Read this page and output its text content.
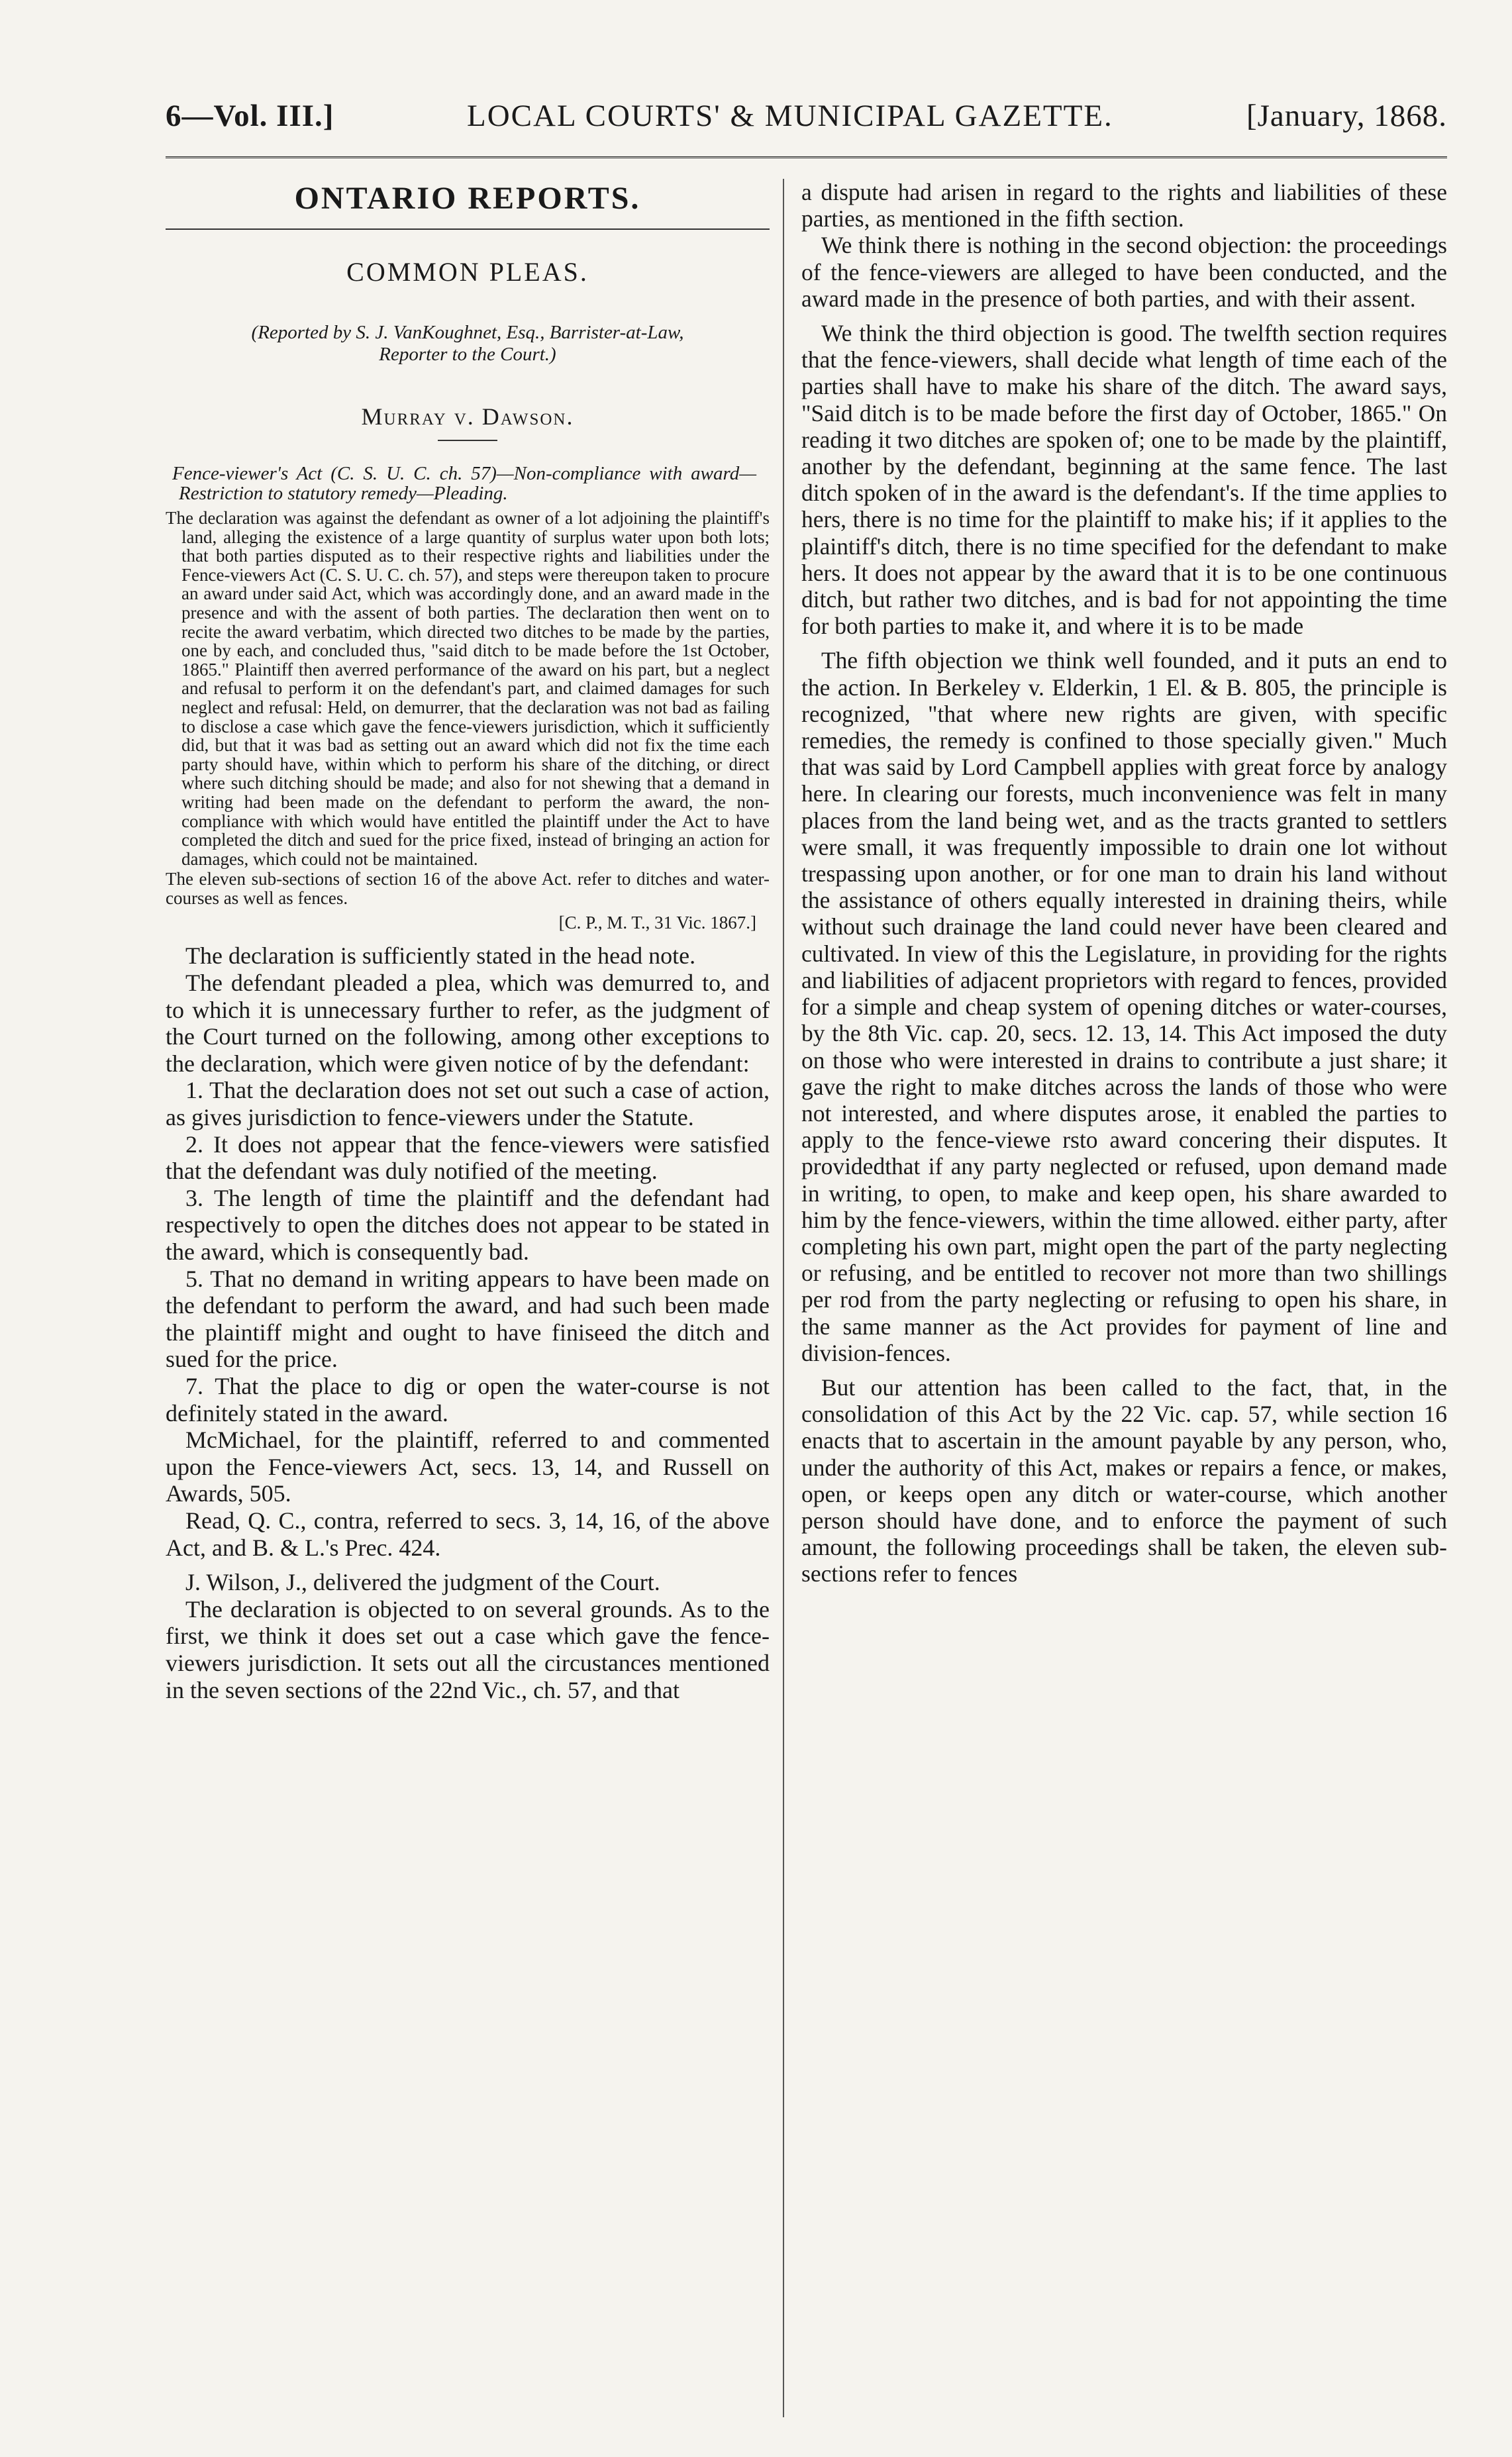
6—Vol. III.]	LOCAL COURTS' & MUNICIPAL GAZETTE.	[January, 1868.
ONTARIO REPORTS.
COMMON PLEAS.
(Reported by S. J. VanKoughnet, Esq., Barrister-at-Law, Reporter to the Court.)
Murray v. Dawson.
Fence-viewer's Act (C. S. U. C. ch. 57)—Non-compliance with award—Restriction to statutory remedy—Pleading.

The declaration was against the defendant as owner of a lot adjoining the plaintiff's land, alleging the existence of a large quantity of surplus water upon both lots; that both parties disputed as to their respective rights and liabilities under the Fence-viewers Act (C. S. U. C. ch. 57), and steps were thereupon taken to procure an award under said Act, which was accordingly done, and an award made in the presence and with the assent of both parties. The declaration then went on to recite the award verbatim, which directed two ditches to be made by the parties, one by each, and concluded thus, "said ditch to be made before the 1st October, 1865." Plaintiff then averred performance of the award on his part, but a neglect and refusal to perform it on the defendant's part, and claimed damages for such neglect and refusal: Held, on demurrer, that the declaration was not bad as failing to disclose a case which gave the fence-viewers jurisdiction, which it sufficiently did, but that it was bad as setting out an award which did not fix the time each party should have, within which to perform his share of the ditching, or direct where such ditching should be made; and also for not shewing that a demand in writing had been made on the defendant to perform the award, the non-compliance with which would have entitled the plaintiff under the Act to have completed the ditch and sued for the price fixed, instead of bringing an action for damages, which could not be maintained.

The eleven sub-sections of section 16 of the above Act. refer to ditches and water-courses as well as fences.

[C. P., M. T., 31 Vic. 1867.]

The declaration is sufficiently stated in the head note.

The defendant pleaded a plea, which was demurred to, and to which it is unnecessary further to refer, as the judgment of the Court turned on the following, among other exceptions to the declaration, which were given notice of by the defendant:

1. That the declaration does not set out such a case of action, as gives jurisdiction to fence-viewers under the Statute.

2. It does not appear that the fence-viewers were satisfied that the defendant was duly notified of the meeting.

3. The length of time the plaintiff and the defendant had respectively to open the ditches does not appear to be stated in the award, which is consequently bad.

5. That no demand in writing appears to have been made on the defendant to perform the award, and had such been made the plaintiff might and ought to have finiseed the ditch and sued for the price.

7. That the place to dig or open the water-course is not definitely stated in the award.

McMichael, for the plaintiff, referred to and commented upon the Fence-viewers Act, secs. 13, 14, and Russell on Awards, 505.

Read, Q. C., contra, referred to secs. 3, 14, 16, of the above Act, and B. & L.'s Prec. 424.

J. Wilson, J., delivered the judgment of the Court.

The declaration is objected to on several grounds. As to the first, we think it does set out a case which gave the fence-viewers jurisdiction. It sets out all the circustances mentioned in the seven sections of the 22nd Vic., ch. 57, and that

a dispute had arisen in regard to the rights and liabilities of these parties, as mentioned in the fifth section.

We think there is nothing in the second objection: the proceedings of the fence-viewers are alleged to have been conducted, and the award made in the presence of both parties, and with their assent.

We think the third objection is good. The twelfth section requires that the fence-viewers, shall decide what length of time each of the parties shall have to make his share of the ditch. The award says, "Said ditch is to be made before the first day of October, 1865." On reading it two ditches are spoken of; one to be made by the plaintiff, another by the defendant, beginning at the same fence. The last ditch spoken of in the award is the defendant's. If the time applies to hers, there is no time for the plaintiff to make his; if it applies to the plaintiff's ditch, there is no time specified for the defendant to make hers. It does not appear by the award that it is to be one continuous ditch, but rather two ditches, and is bad for not appointing the time for both parties to make it, and where it is to be made

The fifth objection we think well founded, and it puts an end to the action. In Berkeley v. Elderkin, 1 El. & B. 805, the principle is recognized, "that where new rights are given, with specific remedies, the remedy is confined to those specially given." Much that was said by Lord Campbell applies with great force by analogy here. In clearing our forests, much inconvenience was felt in many places from the land being wet, and as the tracts granted to settlers were small, it was frequently impossible to drain one lot without trespassing upon another, or for one man to drain his land without the assistance of others equally interested in draining theirs, while without such drainage the land could never have been cleared and cultivated. In view of this the Legislature, in providing for the rights and liabilities of adjacent proprietors with regard to fences, provided for a simple and cheap system of opening ditches or water-courses, by the 8th Vic. cap. 20, secs. 12. 13, 14. This Act imposed the duty on those who were interested in drains to contribute a just share; it gave the right to make ditches across the lands of those who were not interested, and where disputes arose, it enabled the parties to apply to the fence-viewe rsto award concering their disputes. It providedthat if any party neglected or refused, upon demand made in writing, to open, to make and keep open, his share awarded to him by the fence-viewers, within the time allowed. either party, after completing his own part, might open the part of the party neglecting or refusing, and be entitled to recover not more than two shillings per rod from the party neglecting or refusing to open his share, in the same manner as the Act provides for payment of line and division-fences.

But our attention has been called to the fact, that, in the consolidation of this Act by the 22 Vic. cap. 57, while section 16 enacts that to ascertain in the amount payable by any person, who, under the authority of this Act, makes or repairs a fence, or makes, open, or keeps open any ditch or water-course, which another person should have done, and to enforce the payment of such amount, the following proceedings shall be taken, the eleven sub-sections refer to fences
